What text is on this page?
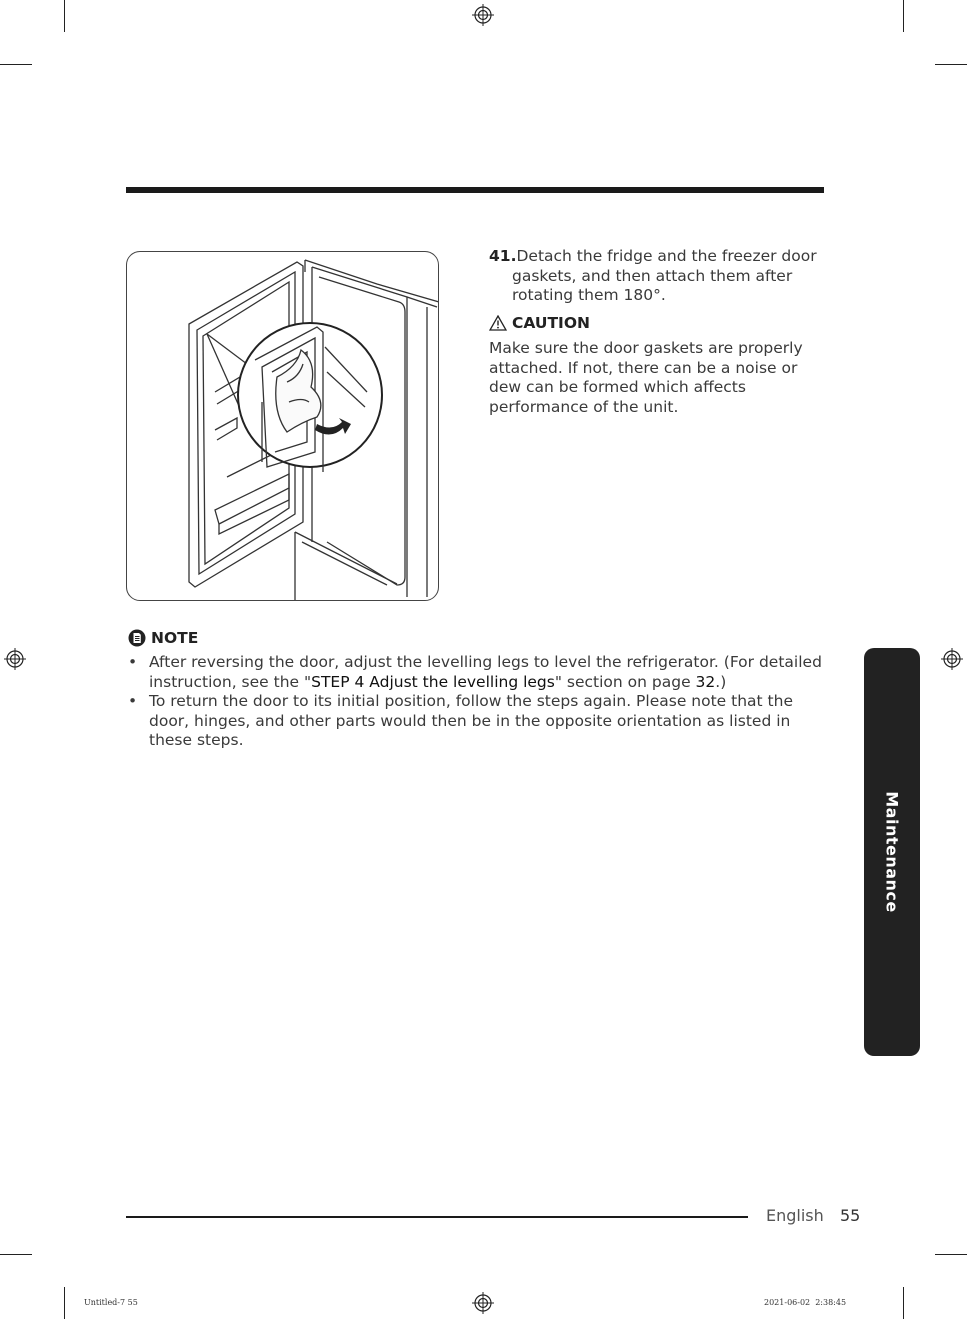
41.Detach the fridge and the freezer door gaskets, and then attach them after rotating them 180°.
CAUTION
Make sure the door gaskets are properly attached. If not, there can be a noise or dew can be formed which affects performance of the unit.
NOTE
• After reversing the door, adjust the levelling legs to level the refrigerator. (For detailed instruction, see the "STEP 4 Adjust the levelling legs" section on page 32.)
• To return the door to its initial position, follow the steps again. Please note that the door, hinges, and other parts would then be in the opposite orientation as listed in these steps.
Maintenance
English 55
Untitled-7 55	2021-06-02 ￼￼ 2:38:45
